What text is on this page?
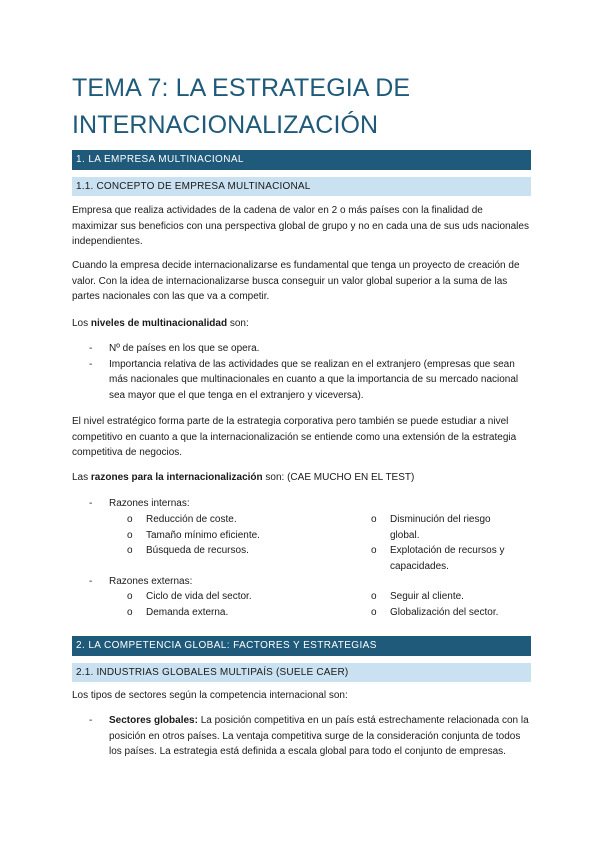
TEMA 7: LA ESTRATEGIA DE INTERNACIONALIZACIÓN
1. LA EMPRESA MULTINACIONAL
1.1. CONCEPTO DE EMPRESA MULTINACIONAL

Empresa que realiza actividades de la cadena de valor en 2 o más países con la finalidad de maximizar sus beneficios con una perspectiva global de grupo y no en cada una de sus uds nacionales independientes.

Cuando la empresa decide internacionalizarse es fundamental que tenga un proyecto de creación de valor. Con la idea de internacionalizarse busca conseguir un valor global superior a la suma de las partes nacionales con las que va a competir.

Los niveles de multinacionalidad son:

- Nº de países en los que se opera.
- Importancia relativa de las actividades que se realizan en el extranjero (empresas que sean más nacionales que multinacionales en cuanto a que la importancia de su mercado nacional sea mayor que el que tenga en el extranjero y viceversa).

El nivel estratégico forma parte de la estrategia corporativa pero también se puede estudiar a nivel competitivo en cuanto a que la internacionalización se entiende como una extensión de la estrategia competitiva de negocios.

Las razones para la internacionalización son: (CAE MUCHO EN EL TEST)

- Razones internas:
o Reducción de coste.
o Tamaño mínimo eficiente.
o Búsqueda de recursos.
o Disminución del riesgo global.
o Explotación de recursos y capacidades.
- Razones externas:
o Ciclo de vida del sector.
o Demanda externa.
o Seguir al cliente.
o Globalización del sector.
2. LA COMPETENCIA GLOBAL: FACTORES Y ESTRATEGIAS
2.1. INDUSTRIAS GLOBALES MULTIPAÍS (SUELE CAER)

Los tipos de sectores según la competencia internacional son:

- Sectores globales: La posición competitiva en un país está estrechamente relacionada con la posición en otros países. La ventaja competitiva surge de la consideración conjunta de todos los países. La estrategia está definida a escala global para todo el conjunto de empresas.
